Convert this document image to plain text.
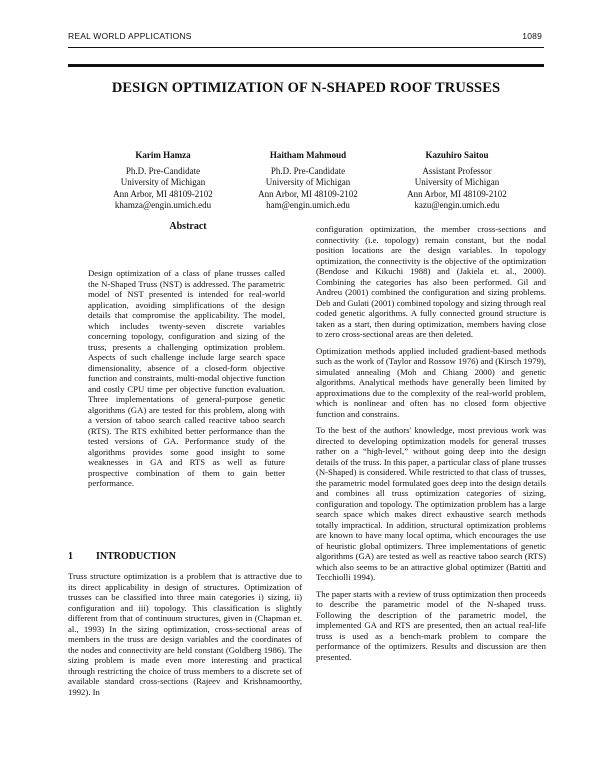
REAL WORLD APPLICATIONS	1089
DESIGN OPTIMIZATION OF N-SHAPED ROOF TRUSSES
Karim Hamza
Ph.D. Pre-Candidate
University of Michigan
Ann Arbor, MI 48109-2102
khamza@engin.umich.edu
Haitham Mahmoud
Ph.D. Pre-Candidate
University of Michigan
Ann Arbor, MI 48109-2102
ham@engin.umich.edu
Kazuhiro Saitou
Assistant Professor
University of Michigan
Ann Arbor, MI 48109-2102
kazu@engin.umich.edu
Abstract
Design optimization of a class of plane trusses called the N-Shaped Truss (NST) is addressed. The parametric model of NST presented is intended for real-world application, avoiding simplifications of the design details that compromise the applicability. The model, which includes twenty-seven discrete variables concerning topology, configuration and sizing of the truss, presents a challenging optimization problem. Aspects of such challenge include large search space dimensionality, absence of a closed-form objective function and constraints, multi-modal objective function and costly CPU time per objective function evaluation. Three implementations of general-purpose genetic algorithms (GA) are tested for this problem, along with a version of taboo search called reactive taboo search (RTS). The RTS exhibited better performance than the tested versions of GA. Performance study of the algorithms provides some good insight to some weaknesses in GA and RTS as well as future prospective combination of them to gain better performance.
1 INTRODUCTION
Truss structure optimization is a problem that is attractive due to its direct applicability in design of structures. Optimization of trusses can be classified into three main categories i) sizing, ii) configuration and iii) topology. This classification is slightly different from that of continuum structures, given in (Chapman et. al., 1993) In the sizing optimization, cross-sectional areas of members in the truss are design variables and the coordinates of the nodes and connectivity are held constant (Goldberg 1986). The sizing problem is made even more interesting and practical through restricting the choice of truss members to a discrete set of available standard cross-sections (Rajeev and Krishnamoorthy, 1992). In

configuration optimization, the member cross-sections and connectivity (i.e. topology) remain constant, but the nodal position locations are the design variables. In topology optimization, the connectivity is the objective of the optimization (Bendose and Kikuchi 1988) and (Jakiela et. al., 2000). Combining the categories has also been performed. Gil and Andreu (2001) combined the configuration and sizing problems. Deb and Gulati (2001) combined topology and sizing through real coded genetic algorithms. A fully connected ground structure is taken as a start, then during optimization, members having close to zero cross-sectional areas are then deleted.

Optimization methods applied included gradient-based methods such as the work of (Taylor and Rossow 1976) and (Kirsch 1979), simulated annealing (Moh and Chiang 2000) and genetic algorithms. Analytical methods have generally been limited by approximations due to the complexity of the real-world problem, which is nonlinear and often has no closed form objective function and constrains.

To the best of the authors' knowledge, most previous work was directed to developing optimization models for general trusses rather on a “high-level,” without going deep into the design details of the truss. In this paper, a particular class of plane trusses (N-Shaped) is considered. While restricted to that class of trusses, the parametric model formulated goes deep into the design details and combines all truss optimization categories of sizing, configuration and topology. The optimization problem has a large search space which makes direct exhaustive search methods totally impractical. In addition, structural optimization problems are known to have many local optima, which encourages the use of heuristic global optimizers. Three implementations of genetic algorithms (GA) are tested as well as reactive taboo search (RTS) which also seems to be an attractive global optimizer (Battiti and Tecchiolli 1994).

The paper starts with a review of truss optimization then proceeds to describe the parametric model of the N-shaped truss. Following the description of the parametric model, the implemented GA and RTS are presented, then an actual real-life truss is used as a bench-mark problem to compare the performance of the optimizers. Results and discussion are then presented.
